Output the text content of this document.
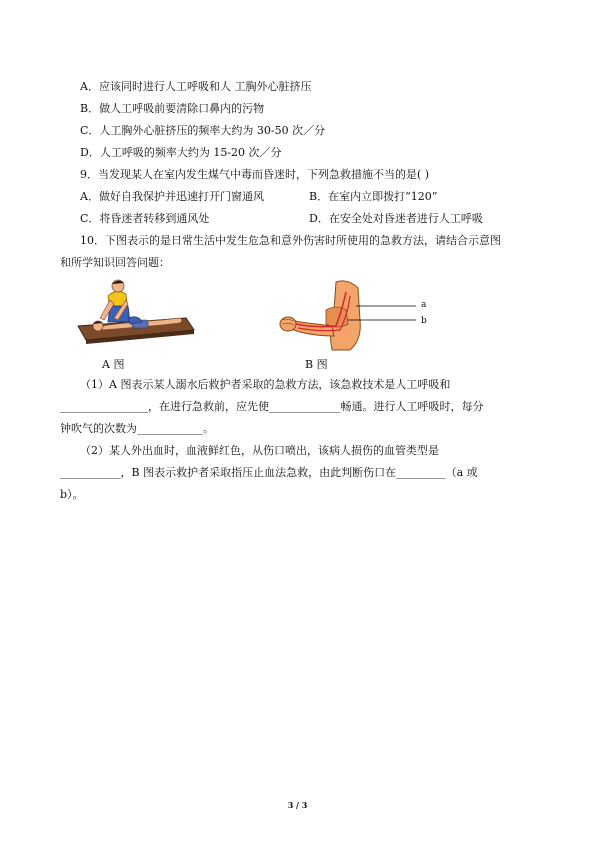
A．应该同时进行人工呼吸和人 工胸外心脏挤压
B．做人工呼吸前要清除口鼻内的污物
C．人工胸外心脏挤压的频率大约为 30-50 次／分
D．人工呼吸的频率大约为 15-20 次／分
9．当发现某人在室内发生煤气中毒而昏迷时，下列急救措施不当的是( )
A．做好自我保护并迅速打开门窗通风	B．在室内立即拨打“120”
C．将昏迷者转移到通风处	D．在安全处对昏迷者进行人工呼吸
10．下图表示的是日常生活中发生危急和意外伤害时所使用的急救方法，请结合示意图
和所学知识回答问题：
A 图
a
b
B 图
（1）A 图表示某人溺水后救护者采取的急救方法，该急救技术是人工呼吸和
________________，在进行急救前，应先使_____________畅通。进行人工呼吸时，每分
钟吹气的次数为____________。
（2）某人外出血时，血液鲜红色，从伤口喷出，该病人损伤的血管类型是
___________，B 图表示救护者采取指压止血法急救，由此判断伤口在_________（a 或
b）。
3 / 3
